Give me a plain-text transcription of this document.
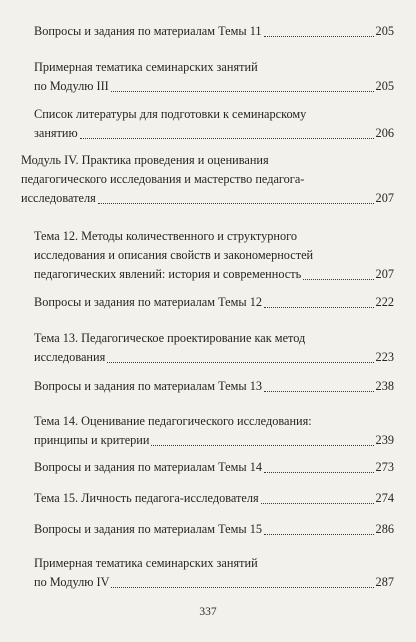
Вопросы и задания по материалам Темы 11	205
Примерная тематика семинарских занятий
по Модулю III	205
Список литературы для подготовки к семинарскому
занятию	206
Модуль IV. Практика проведения и оценивания
педагогического исследования и мастерство педагога-
исследователя	207
Тема 12. Методы количественного и структурного
исследования и описания свойств и закономерностей
педагогических явлений: история и современность	207
Вопросы и задания по материалам Темы 12	222
Тема 13. Педагогическое проектирование как метод
исследования	223
Вопросы и задания по материалам Темы 13	238
Тема 14. Оценивание педагогического исследования:
принципы и критерии	239
Вопросы и задания по материалам Темы 14	273
Тема 15. Личность педагога-исследователя	274
Вопросы и задания по материалам Темы 15	286
Примерная тематика семинарских занятий
по Модулю IV	287
337
